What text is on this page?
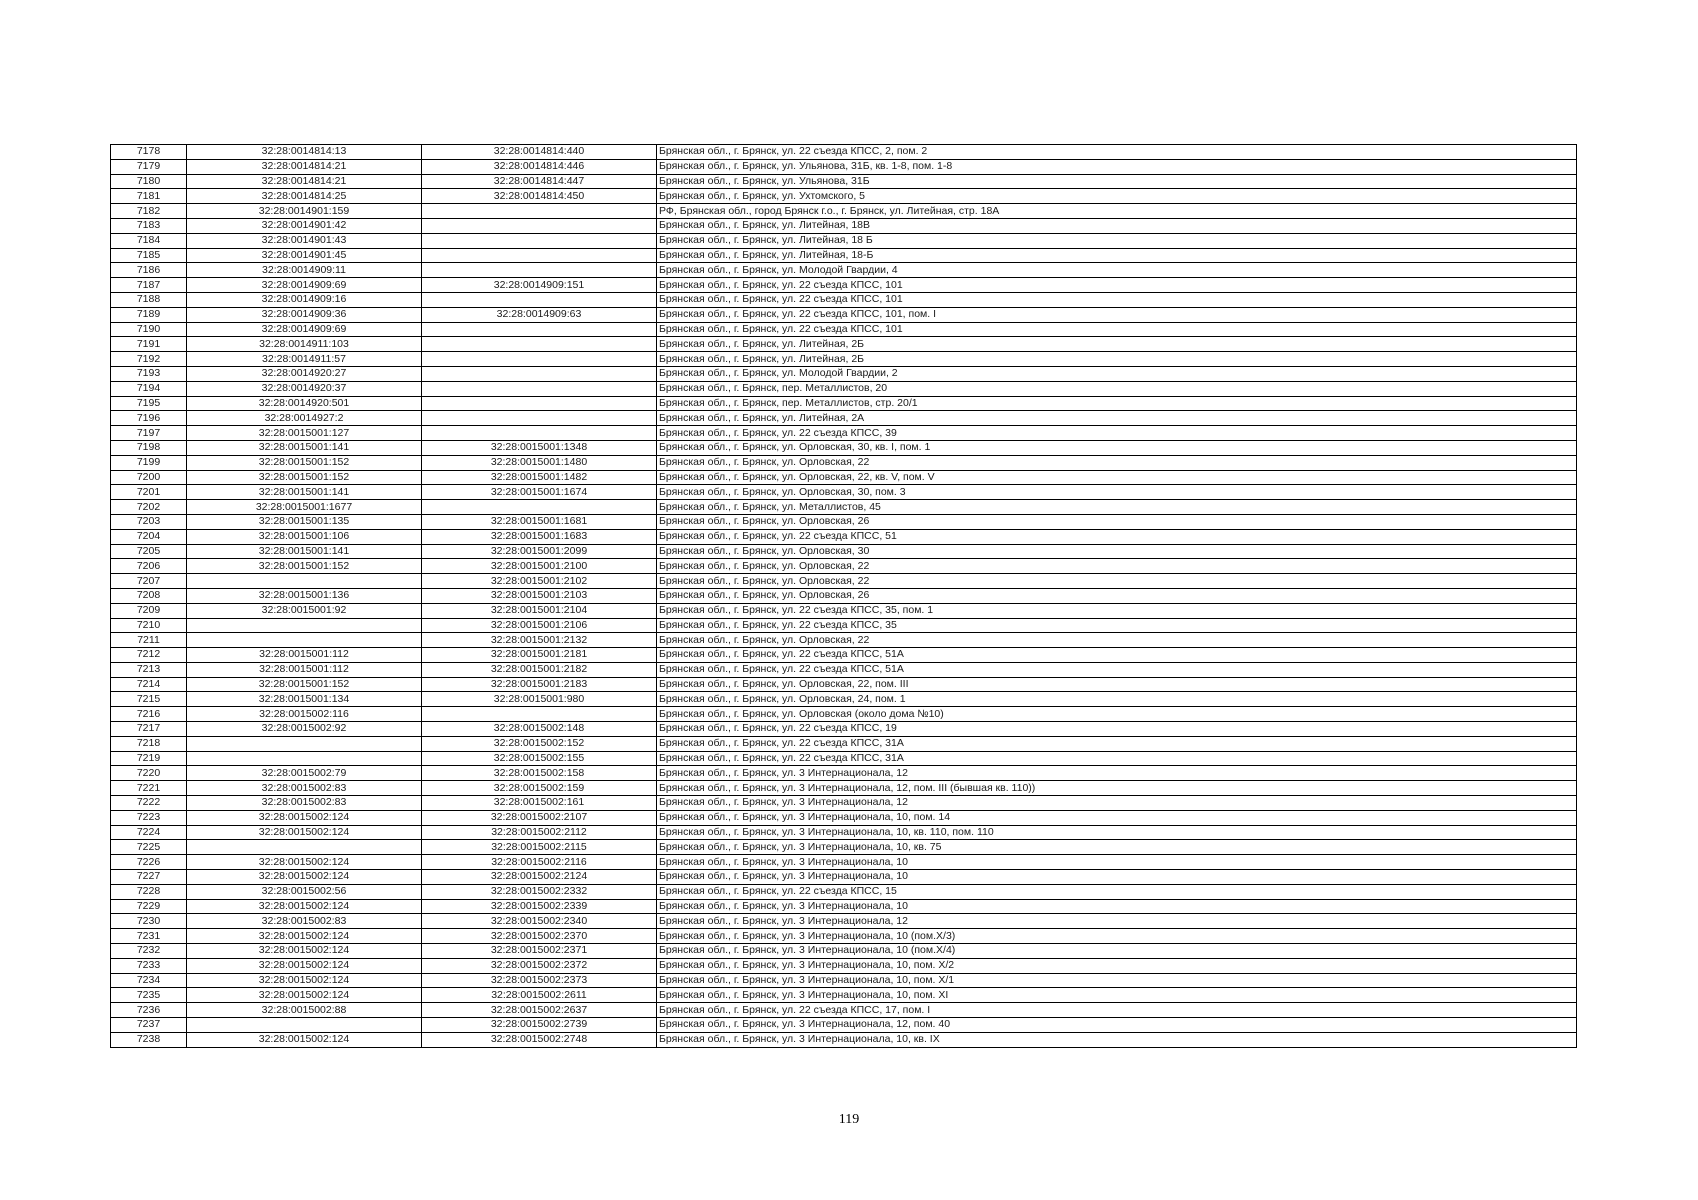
7178	32:28:0014814:13	32:28:0014814:440	Брянская обл., г. Брянск, ул. 22 съезда КПСС, 2, пом. 2
7179	32:28:0014814:21	32:28:0014814:446	Брянская обл., г. Брянск, ул. Ульянова, 31Б, кв. 1-8, пом. 1-8
7180	32:28:0014814:21	32:28:0014814:447	Брянская обл., г. Брянск, ул. Ульянова, 31Б
7181	32:28:0014814:25	32:28:0014814:450	Брянская обл., г. Брянск, ул. Ухтомского, 5
7182	32:28:0014901:159		РФ, Брянская обл., город Брянск г.о., г. Брянск, ул. Литейная, стр. 18А
7183	32:28:0014901:42		Брянская обл., г. Брянск, ул. Литейная, 18В
7184	32:28:0014901:43		Брянская обл., г. Брянск, ул. Литейная, 18 Б
7185	32:28:0014901:45		Брянская обл., г. Брянск, ул. Литейная, 18-Б
7186	32:28:0014909:11		Брянская обл., г. Брянск, ул. Молодой Гвардии, 4
7187	32:28:0014909:69	32:28:0014909:151	Брянская обл., г. Брянск, ул. 22 съезда КПСС, 101
7188	32:28:0014909:16		Брянская обл., г. Брянск, ул. 22 съезда КПСС, 101
7189	32:28:0014909:36	32:28:0014909:63	Брянская обл., г. Брянск, ул. 22 съезда КПСС, 101, пом. I
7190	32:28:0014909:69		Брянская обл., г. Брянск, ул. 22 съезда КПСС, 101
7191	32:28:0014911:103		Брянская обл., г. Брянск, ул. Литейная, 2Б
7192	32:28:0014911:57		Брянская обл., г. Брянск, ул. Литейная, 2Б
7193	32:28:0014920:27		Брянская обл., г. Брянск, ул. Молодой Гвардии, 2
7194	32:28:0014920:37		Брянская обл., г. Брянск, пер. Металлистов, 20
7195	32:28:0014920:501		Брянская обл., г. Брянск, пер. Металлистов, стр. 20/1
7196	32:28:0014927:2		Брянская обл., г. Брянск, ул. Литейная, 2А
7197	32:28:0015001:127		Брянская обл., г. Брянск, ул. 22 съезда КПСС, 39
7198	32:28:0015001:141	32:28:0015001:1348	Брянская обл., г. Брянск, ул. Орловская, 30, кв. I, пом. 1
7199	32:28:0015001:152	32:28:0015001:1480	Брянская обл., г. Брянск, ул. Орловская, 22
7200	32:28:0015001:152	32:28:0015001:1482	Брянская обл., г. Брянск, ул. Орловская, 22, кв. V, пом. V
7201	32:28:0015001:141	32:28:0015001:1674	Брянская обл., г. Брянск, ул. Орловская, 30, пом. 3
7202	32:28:0015001:1677		Брянская обл., г. Брянск, ул. Металлистов, 45
7203	32:28:0015001:135	32:28:0015001:1681	Брянская обл., г. Брянск, ул. Орловская, 26
7204	32:28:0015001:106	32:28:0015001:1683	Брянская обл., г. Брянск, ул. 22 съезда КПСС, 51
7205	32:28:0015001:141	32:28:0015001:2099	Брянская обл., г. Брянск, ул. Орловская, 30
7206	32:28:0015001:152	32:28:0015001:2100	Брянская обл., г. Брянск, ул. Орловская, 22
7207		32:28:0015001:2102	Брянская обл., г. Брянск, ул. Орловская, 22
7208	32:28:0015001:136	32:28:0015001:2103	Брянская обл., г. Брянск, ул. Орловская, 26
7209	32:28:0015001:92	32:28:0015001:2104	Брянская обл., г. Брянск, ул. 22 съезда КПСС, 35, пом. 1
7210		32:28:0015001:2106	Брянская обл., г. Брянск, ул. 22 съезда КПСС, 35
7211		32:28:0015001:2132	Брянская обл., г. Брянск, ул. Орловская, 22
7212	32:28:0015001:112	32:28:0015001:2181	Брянская обл., г. Брянск, ул. 22 съезда КПСС, 51А
7213	32:28:0015001:112	32:28:0015001:2182	Брянская обл., г. Брянск, ул. 22 съезда КПСС, 51А
7214	32:28:0015001:152	32:28:0015001:2183	Брянская обл., г. Брянск, ул. Орловская, 22, пом. III
7215	32:28:0015001:134	32:28:0015001:980	Брянская обл., г. Брянск, ул. Орловская, 24, пом. 1
7216	32:28:0015002:116		Брянская обл., г. Брянск, ул. Орловская (около дома №10)
7217	32:28:0015002:92	32:28:0015002:148	Брянская обл., г. Брянск, ул. 22 съезда КПСС, 19
7218		32:28:0015002:152	Брянская обл., г. Брянск, ул. 22 съезда КПСС, 31А
7219		32:28:0015002:155	Брянская обл., г. Брянск, ул. 22 съезда КПСС, 31А
7220	32:28:0015002:79	32:28:0015002:158	Брянская обл., г. Брянск, ул. 3 Интернационала, 12
7221	32:28:0015002:83	32:28:0015002:159	Брянская обл., г. Брянск, ул. 3 Интернационала, 12, пом. III (бывшая кв. 110))
7222	32:28:0015002:83	32:28:0015002:161	Брянская обл., г. Брянск, ул. 3 Интернационала, 12
7223	32:28:0015002:124	32:28:0015002:2107	Брянская обл., г. Брянск, ул. 3 Интернационала, 10, пом. 14
7224	32:28:0015002:124	32:28:0015002:2112	Брянская обл., г. Брянск, ул. 3 Интернационала, 10, кв. 110, пом. 110
7225		32:28:0015002:2115	Брянская обл., г. Брянск, ул. 3 Интернационала, 10, кв. 75
7226	32:28:0015002:124	32:28:0015002:2116	Брянская обл., г. Брянск, ул. 3 Интернационала, 10
7227	32:28:0015002:124	32:28:0015002:2124	Брянская обл., г. Брянск, ул. 3 Интернационала, 10
7228	32:28:0015002:56	32:28:0015002:2332	Брянская обл., г. Брянск, ул. 22 съезда КПСС, 15
7229	32:28:0015002:124	32:28:0015002:2339	Брянская обл., г. Брянск, ул. 3 Интернационала, 10
7230	32:28:0015002:83	32:28:0015002:2340	Брянская обл., г. Брянск, ул. 3 Интернационала, 12
7231	32:28:0015002:124	32:28:0015002:2370	Брянская обл., г. Брянск, ул. 3 Интернационала, 10 (пом.X/3)
7232	32:28:0015002:124	32:28:0015002:2371	Брянская обл., г. Брянск, ул. 3 Интернационала, 10 (пом.X/4)
7233	32:28:0015002:124	32:28:0015002:2372	Брянская обл., г. Брянск, ул. 3 Интернационала, 10, пом. X/2
7234	32:28:0015002:124	32:28:0015002:2373	Брянская обл., г. Брянск, ул. 3 Интернационала, 10, пом. X/1
7235	32:28:0015002:124	32:28:0015002:2611	Брянская обл., г. Брянск, ул. 3 Интернационала, 10, пом. XI
7236	32:28:0015002:88	32:28:0015002:2637	Брянская обл., г. Брянск, ул. 22 съезда КПСС, 17, пом. I
7237		32:28:0015002:2739	Брянская обл., г. Брянск, ул. 3 Интернационала, 12, пом. 40
7238	32:28:0015002:124	32:28:0015002:2748	Брянская обл., г. Брянск, ул. 3 Интернационала, 10, кв. IX
119
